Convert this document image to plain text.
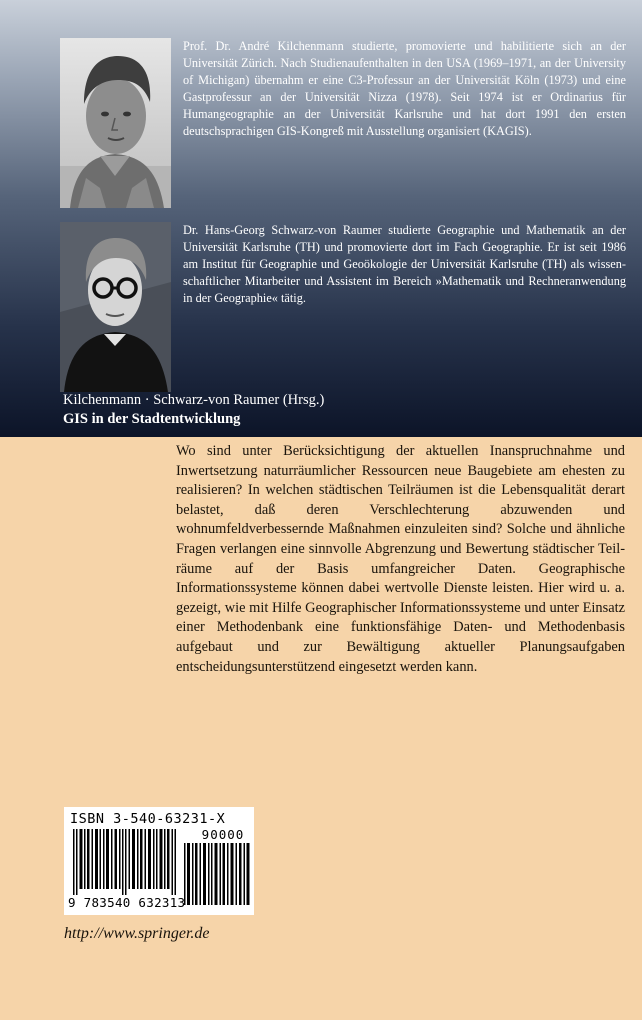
Prof. Dr. André Kilchenmann studierte, promovierte und habilitierte sich an der Universität Zürich. Nach Studienaufenthalten in den USA (1969–1971, an der University of Michigan) übernahm er eine C3-Professur an der Universität Köln (1973) und eine Gastprofessur an der Universität Nizza (1978). Seit 1974 ist er Ordinarius für Humangeographie an der Universität Karlsruhe und hat dort 1991 den ersten deutschsprachigen GIS-Kongreß mit Ausstellung organisiert (KAGIS).

Dr. Hans-Georg Schwarz-von Raumer studierte Geographie und Mathematik an der Universität Karlsruhe (TH) und promovierte dort im Fach Geographie. Er ist seit 1986 am Institut für Geographie und Geoökologie der Universität Karlsruhe (TH) als wissenschaftlicher Mitarbeiter und Assistent im Bereich »Mathematik und Rechneranwendung in der Geographie« tätig.

Kilchenmann · Schwarz-von Raumer (Hrsg.)
GIS in der Stadtentwicklung

Wo sind unter Berücksichtigung der aktuellen Inanspruchnahme und Inwertsetzung naturräumlicher Ressourcen neue Baugebiete am ehesten zu realisieren? In welchen städtischen Teilräumen ist die Lebensqualität derart belastet, daß deren Verschlechterung abzuwenden und wohnumfeldverbessernde Maßnahmen einzuleiten sind? Solche und ähnliche Fragen verlangen eine sinnvolle Abgrenzung und Bewertung städtischer Teilräume auf der Basis umfangreicher Daten. Geographische Informationssysteme können dabei wertvolle Dienste leisten. Hier wird u. a. gezeigt, wie mit Hilfe Geographischer Informationssysteme und unter Einsatz einer Methodenbank eine funktionsfähige Daten- und Methodenbasis aufgebaut und zur Bewältigung aktueller Planungsaufgaben entscheidungsunterstützend eingesetzt werden kann.

ISBN 3-540-63231-X
90000
9 783540 632313
http://www.springer.de
